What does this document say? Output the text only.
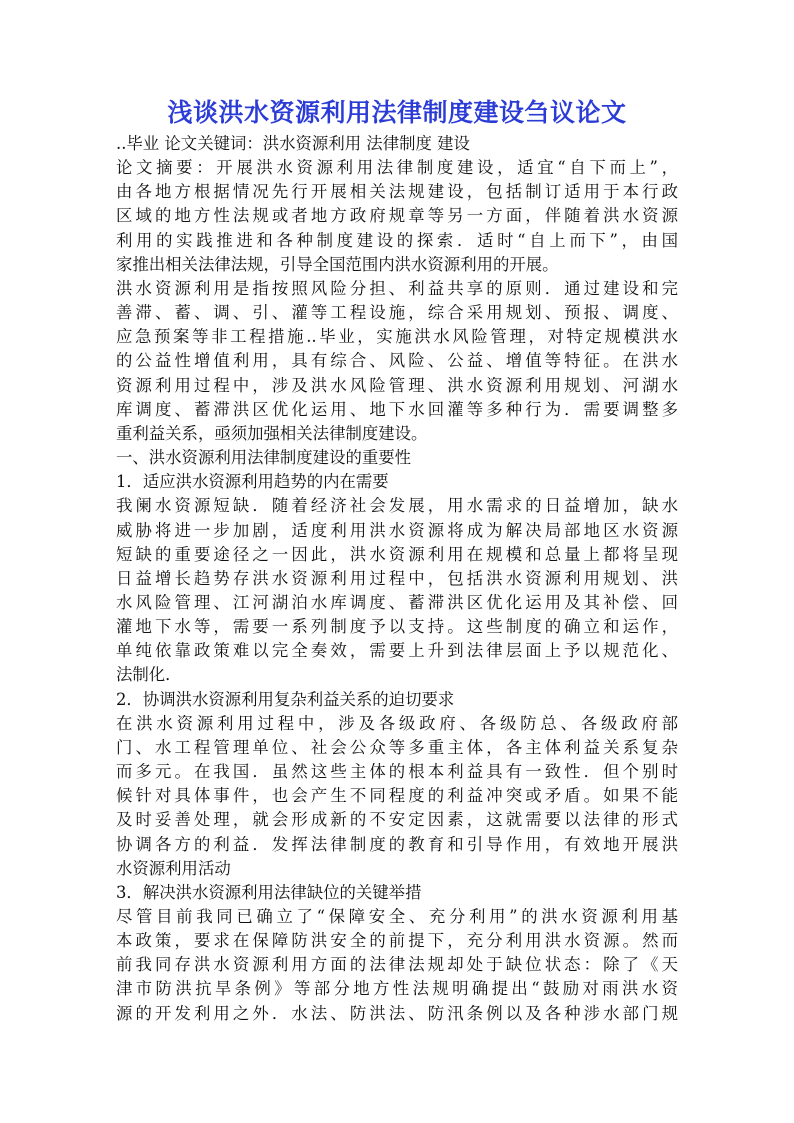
浅谈洪水资源利用法律制度建设刍议论文

..毕业 论文关键词：洪水资源利用 法律制度 建设

论文摘要：开展洪水资源利用法律制度建设，适宜“自下而上”，

由各地方根据情况先行开展相关法规建设，包括制订适用于本行政

区域的地方性法规或者地方政府规章等另一方面，伴随着洪水资源

利用的实践推进和各种制度建设的探索．适时“自上而下”，由国

家推出相关法律法规，引导全国范围内洪水资源利用的开展。

洪水资源利用是指按照风险分担、利益共享的原则．通过建设和完

善滞、蓄、调、引、灌等工程设施，综合采用规划、预报、调度、

应急预案等非工程措施..毕业，实施洪水风险管理，对特定规模洪水

的公益性增值利用，具有综合、风险、公益、增值等特征。在洪水

资源利用过程中，涉及洪水风险管理、洪水资源利用规划、河湖水

库调度、蓄滞洪区优化运用、地下水回灌等多种行为．需要调整多

重利益关系，亟须加强相关法律制度建设。

一、洪水资源利用法律制度建设的重要性

1．适应洪水资源利用趋势的内在需要

我阑水资源短缺．随着经济社会发展，用水需求的日益增加，缺水

威胁将进一步加剧，适度利用洪水资源将成为解决局部地区水资源

短缺的重要途径之一因此，洪水资源利用在规模和总量上都将呈现

日益增长趋势存洪水资源利用过程中，包括洪水资源利用规划、洪

水风险管理、江河湖泊水库调度、蓄滞洪区优化运用及其补偿、回

灌地下水等，需要一系列制度予以支持。这些制度的确立和运作，

单纯依靠政策难以完全奏效，需要上升到法律层面上予以规范化、

法制化．

2．协调洪水资源利用复杂利益关系的迫切要求

在洪水资源利用过程中，涉及各级政府、各级防总、各级政府部

门、水工程管理单位、社会公众等多重主体，各主体利益关系复杂

而多元。在我国．虽然这些主体的根本利益具有一致性．但个别时

候针对具体事件，也会产生不同程度的利益冲突或矛盾。如果不能

及时妥善处理，就会形成新的不安定因素，这就需要以法律的形式

协调各方的利益．发挥法律制度的教育和引导作用，有效地开展洪

水资源利用活动

3．解决洪水资源利用法律缺位的关键举措

尽管目前我同已确立了“保障安全、充分利用”的洪水资源利用基

本政策，要求在保障防洪安全的前提下，充分利用洪水资源。然而

前我同存洪水资源利用方面的法律法规却处于缺位状态：除了《天

津市防洪抗旱条例》等部分地方性法规明确提出“鼓励对雨洪水资

源的开发利用之外．水法、防洪法、防汛条例以及各种涉水部门规
